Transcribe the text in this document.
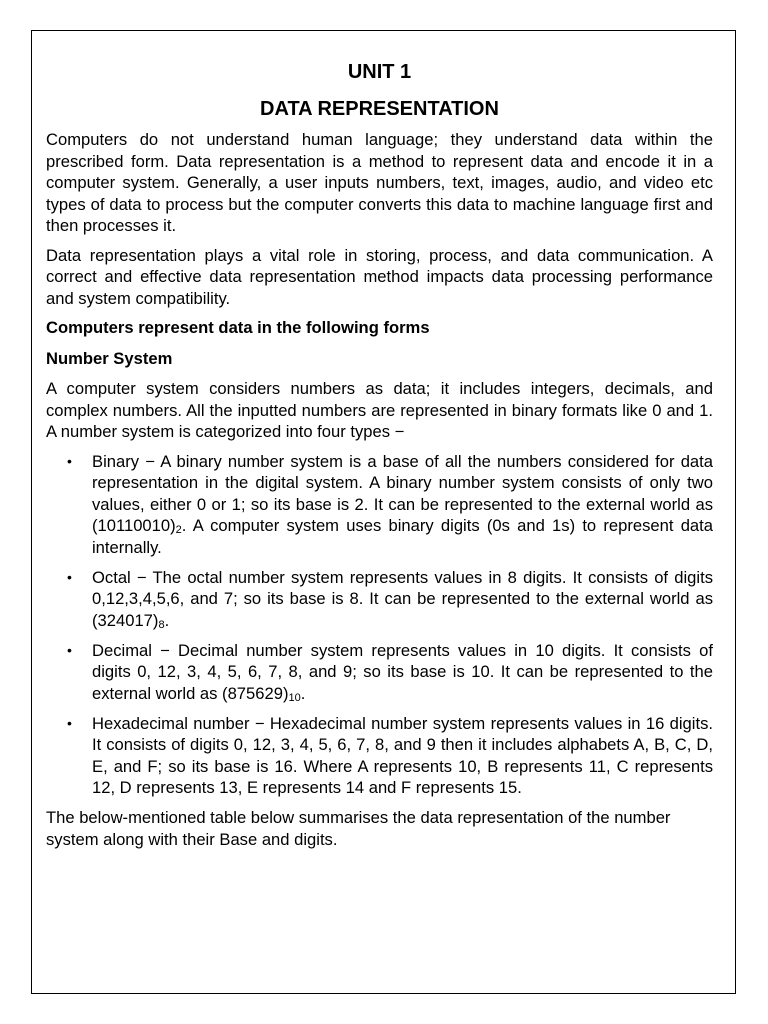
UNIT 1
DATA REPRESENTATION

Computers do not understand human language; they understand data within the prescribed form. Data representation is a method to represent data and encode it in a computer system. Generally, a user inputs numbers, text, images, audio, and video etc types of data to process but the computer converts this data to machine language first and then processes it.

Data representation plays a vital role in storing, process, and data communication. A correct and effective data representation method impacts data processing performance and system compatibility.

Computers represent data in the following forms

Number System

A computer system considers numbers as data; it includes integers, decimals, and complex numbers. All the inputted numbers are represented in binary formats like 0 and 1. A number system is categorized into four types −

• Binary − A binary number system is a base of all the numbers considered for data representation in the digital system. A binary number system consists of only two values, either 0 or 1; so its base is 2. It can be represented to the external world as $(10110010)_2$. A computer system uses binary digits (0s and 1s) to represent data internally.
• Octal − The octal number system represents values in 8 digits. It consists of digits 0,12,3,4,5,6, and 7; so its base is 8. It can be represented to the external world as $(324017)_8$.
• Decimal − Decimal number system represents values in 10 digits. It consists of digits 0, 12, 3, 4, 5, 6, 7, 8, and 9; so its base is 10. It can be represented to the external world as $(875629)_{10}$.
• Hexadecimal number − Hexadecimal number system represents values in 16 digits. It consists of digits 0, 12, 3, 4, 5, 6, 7, 8, and 9 then it includes alphabets A, B, C, D, E, and F; so its base is 16. Where A represents 10, B represents 11, C represents 12, D represents 13, E represents 14 and F represents 15.

The below-mentioned table below summarises the data representation of the number system along with their Base and digits.
